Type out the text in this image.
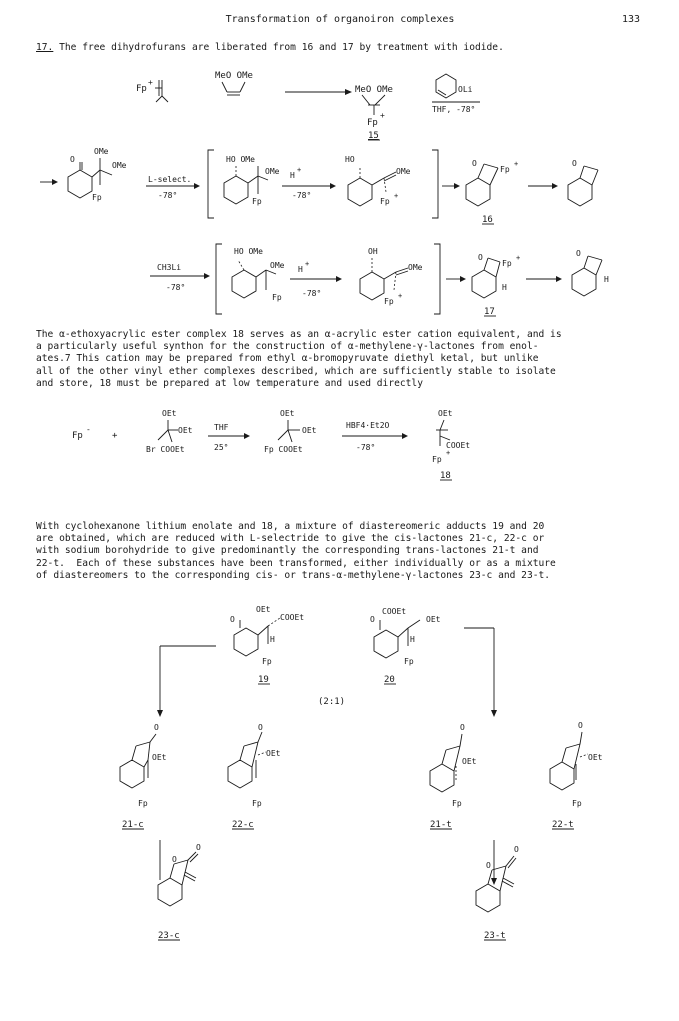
Transformation of organoiron complexes	133
17. The free dihydrofurans are liberated from 16 and 17 by treatment with iodide.
Fp
+
MeO OMe
MeO OMe
Fp
+
15
OLi
THF, -78°
O
OMe
OMe
Fp
L-select.
-78°
HO OMe
OMe
Fp
H
+
-78°
HO
OMe
Fp
+
O
Fp
+
16
O
CH3Li
-78°
HO OMe
OMe
Fp
H
+
-78°
OH
OMe
Fp
+
O
Fp
+
H
17
O
H
Fp
-
+
OEt
OEt
Br COOEt
THF
25°
OEt
OEt
Fp COOEt
HBF4·Et2O
-78°
OEt
COOEt
Fp
+
18
OEt
O	COOEt
H
Fp
19
O
COOEt
OEt
H
Fp
20
(2:1)
O
OEt
Fp
21-c
O
OEt
Fp
22-c
O
OEt
Fp
21-t
O
OEt
Fp
22-t
O
O
23-c
O
O
23-t
The α-ethoxyacrylic ester complex 18 serves as an α-acrylic ester cation equivalent, and is
a particularly useful synthon for the construction of α-methylene-γ-lactones from enol-
ates.7 This cation may be prepared from ethyl α-bromopyruvate diethyl ketal, but unlike
all of the other vinyl ether complexes described, which are sufficiently stable to isolate
and store, 18 must be prepared at low temperature and used directly
With cyclohexanone lithium enolate and 18, a mixture of diastereomeric adducts 19 and 20
are obtained, which are reduced with L-selectride to give the cis-lactones 21-c, 22-c or
with sodium borohydride to give predominantly the corresponding trans-lactones 21-t and
22-t.  Each of these substances have been transformed, either individually or as a mixture
of diastereomers to the corresponding cis- or trans-α-methylene-γ-lactones 23-c and 23-t.
